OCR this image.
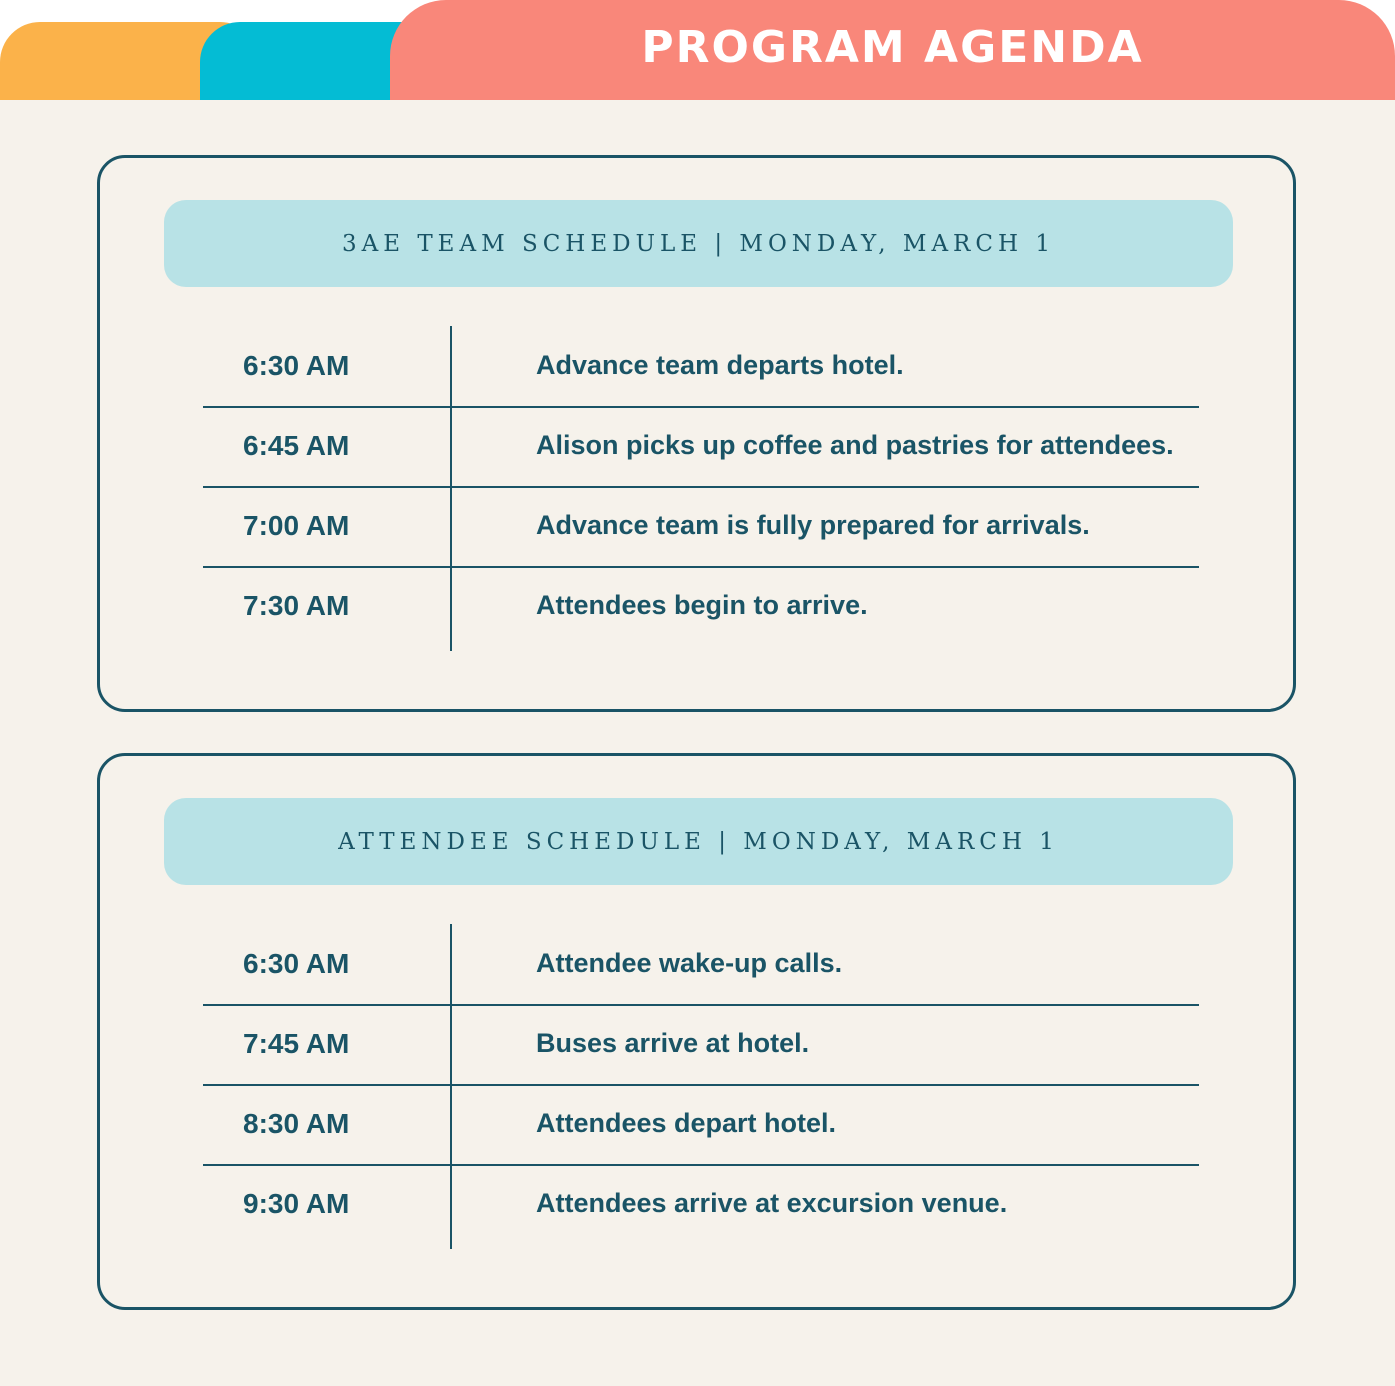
PROGRAM AGENDA
3AE TEAM SCHEDULE | MONDAY, MARCH 1
6:30 AM	Advance team departs hotel.
6:45 AM	Alison picks up coffee and pastries for attendees.
7:00 AM	Advance team is fully prepared for arrivals.
7:30 AM	Attendees begin to arrive.
ATTENDEE SCHEDULE | MONDAY, MARCH 1
6:30 AM	Attendee wake-up calls.
7:45 AM	Buses arrive at hotel.
8:30 AM	Attendees depart hotel.
9:30 AM	Attendees arrive at excursion venue.
